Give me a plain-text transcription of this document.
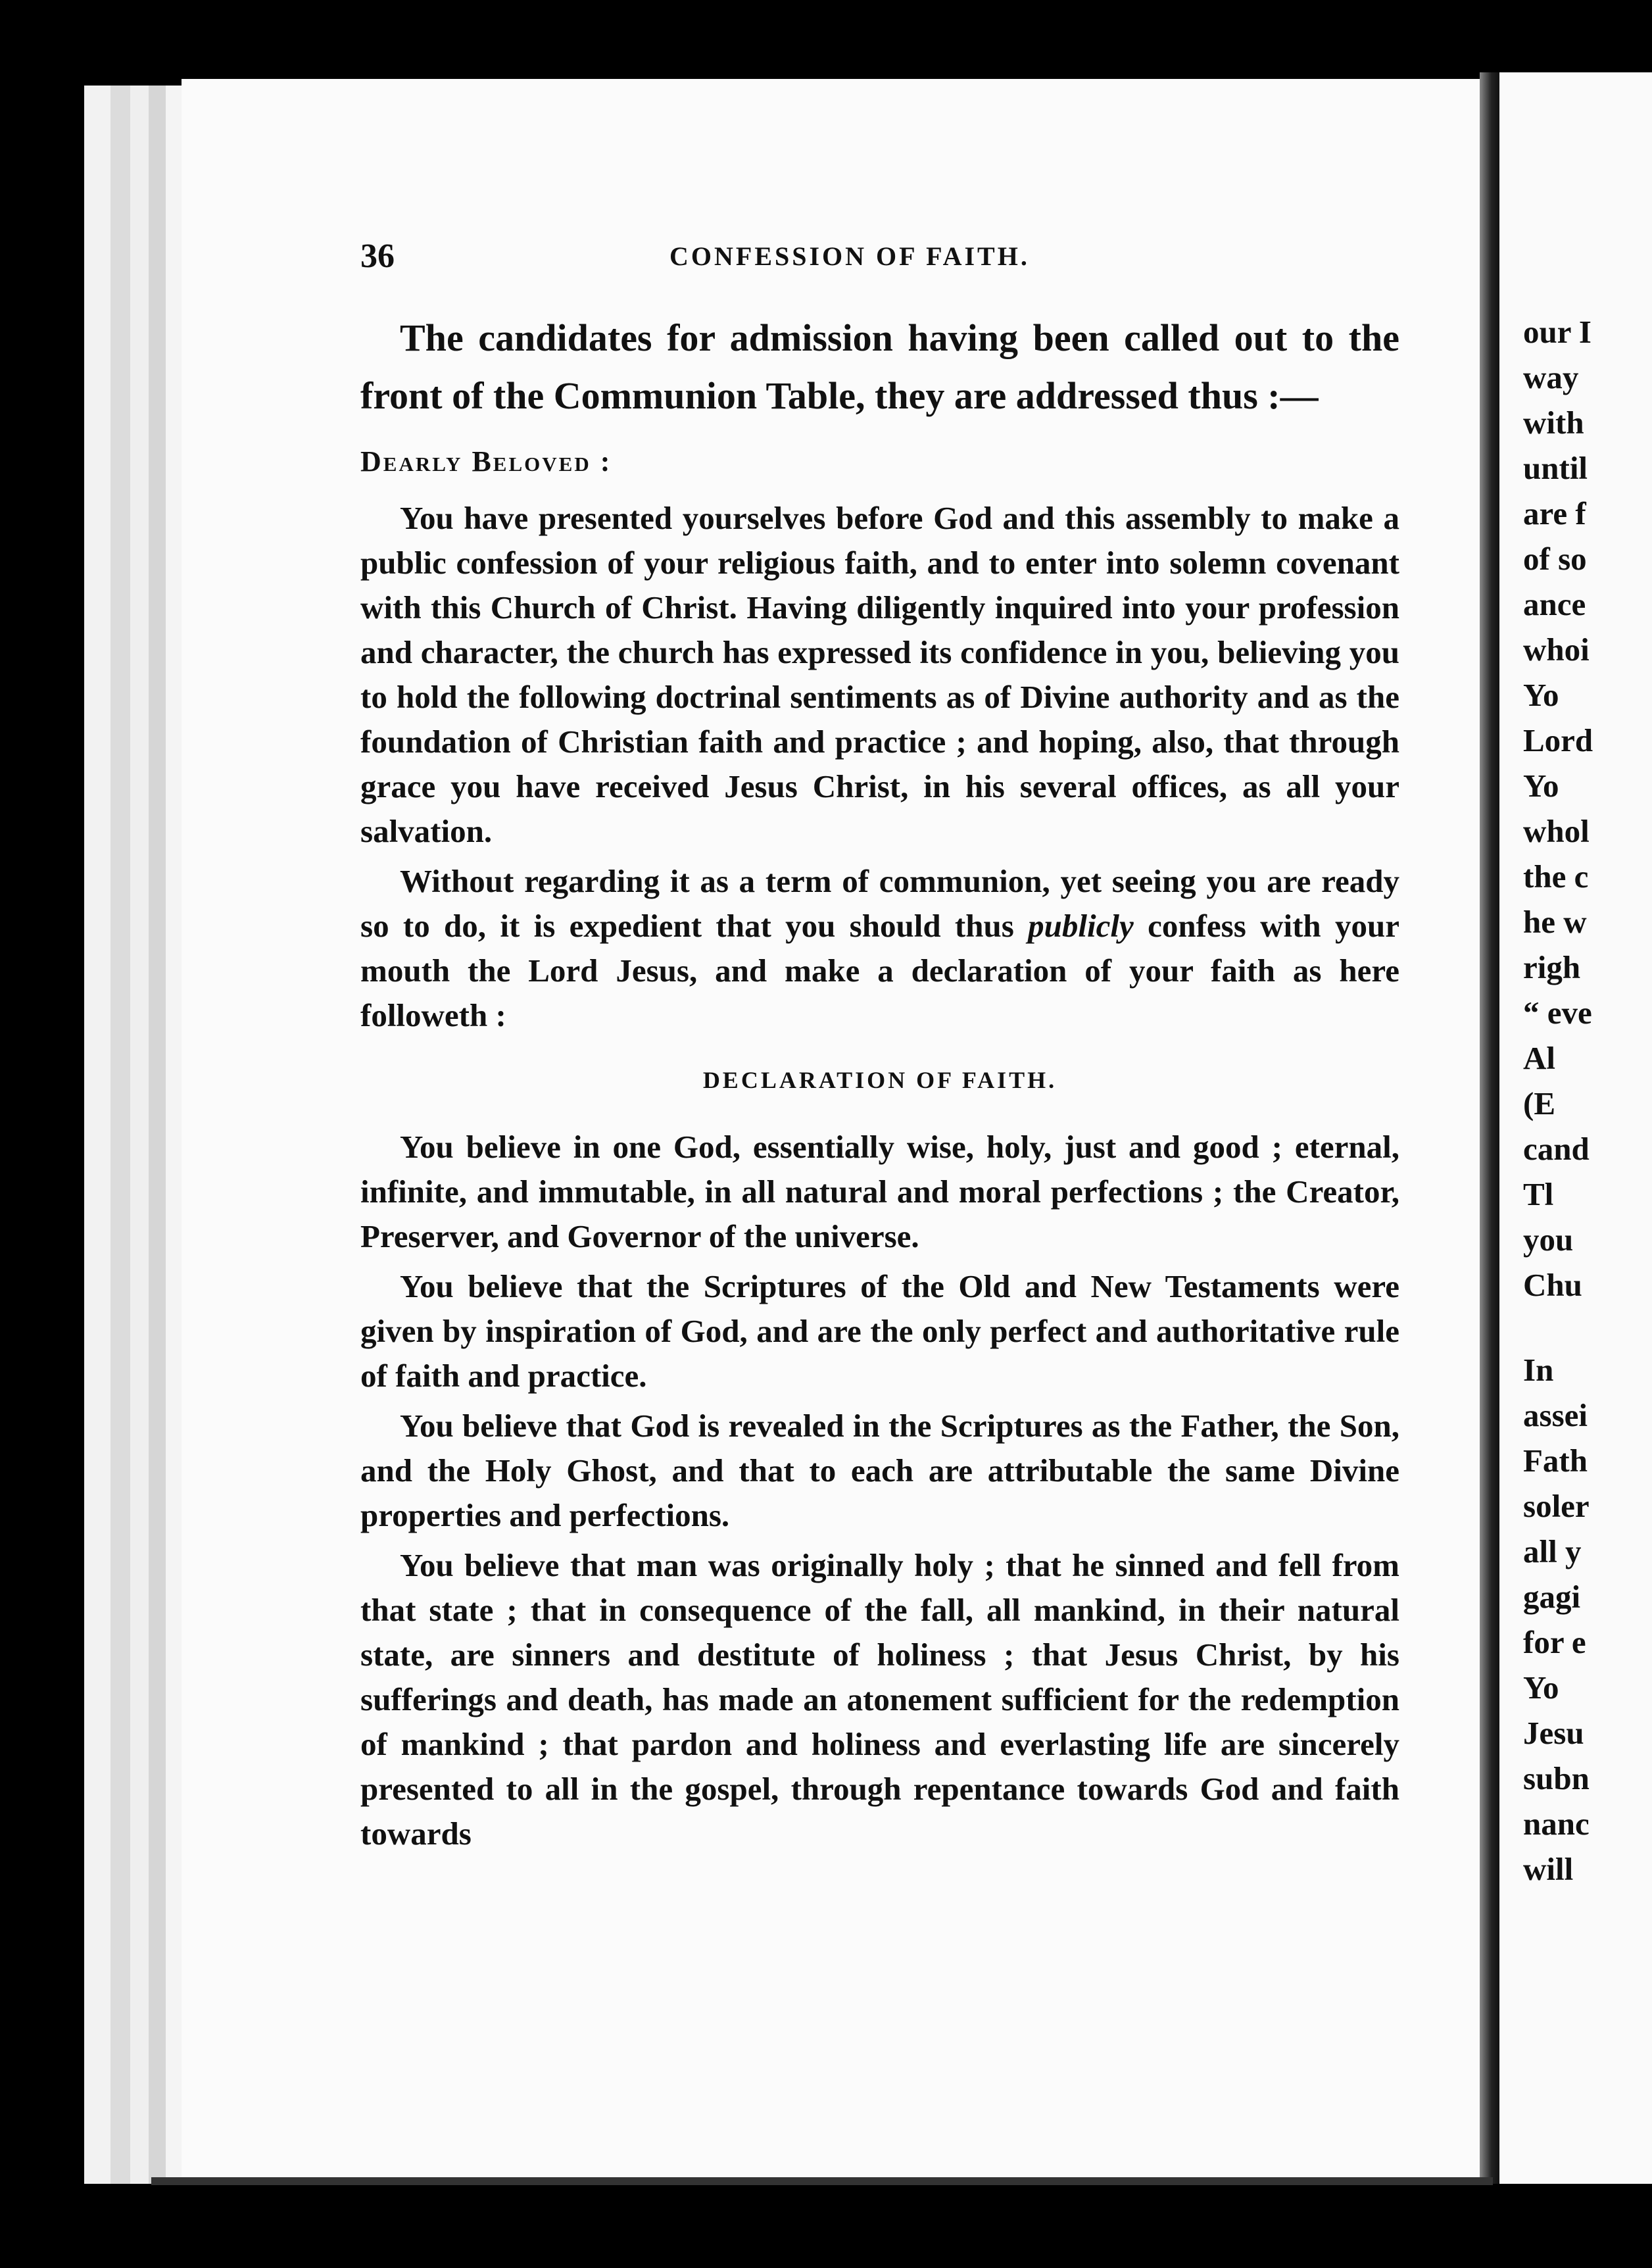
36	CONFESSION OF FAITH.

The candidates for admission having been called out to the front of the Communion Table, they are addressed thus :—

Dearly Beloved :

You have presented yourselves before God and this assembly to make a public confession of your religious faith, and to enter into solemn covenant with this Church of Christ. Having diligently inquired into your profession and character, the church has expressed its confidence in you, believing you to hold the following doctrinal sentiments as of Divine authority and as the foundation of Christian faith and practice ; and hoping, also, that through grace you have received Jesus Christ, in his several offices, as all your salvation.

Without regarding it as a term of communion, yet seeing you are ready so to do, it is expedient that you should thus publicly confess with your mouth the Lord Jesus, and make a declaration of your faith as here followeth :

DECLARATION OF FAITH.

You believe in one God, essentially wise, holy, just and good ; eternal, infinite, and immutable, in all natural and moral perfections ; the Creator, Preserver, and Governor of the universe.

You believe that the Scriptures of the Old and New Testaments were given by inspiration of God, and are the only perfect and authoritative rule of faith and practice.

You believe that God is revealed in the Scriptures as the Father, the Son, and the Holy Ghost, and that to each are attributable the same Divine properties and perfections.

You believe that man was originally holy ; that he sinned and fell from that state ; that in consequence of the fall, all mankind, in their natural state, are sinners and destitute of holiness ; that Jesus Christ, by his sufferings and death, has made an atonement sufficient for the redemption of mankind ; that pardon and holiness and everlasting life are sincerely presented to all in the gospel, through repentance towards God and faith towards

our I
way
with
until
are f
of so
ance
whoi
Yo
Lord
Yo
whol
the c
he w
righ
“ eve
Al
(E
cand
Tl
you
Chu
In
assei
Fath
soler
all y
gagi
for e
Yo
Jesu
subn
nanc
will
